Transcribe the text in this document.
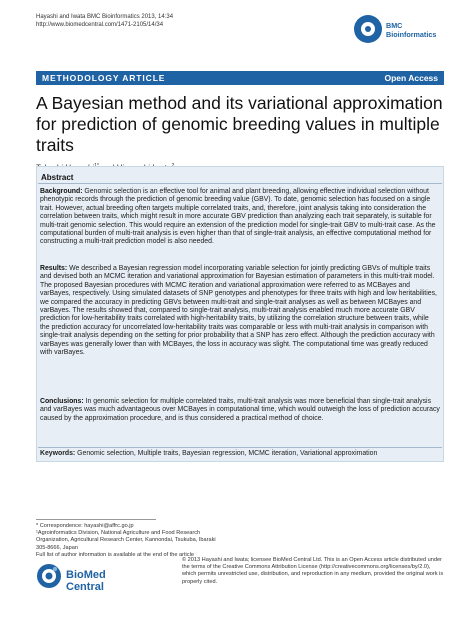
Hayashi and Iwata BMC Bioinformatics 2013, 14:34
http://www.biomedcentral.com/1471-2105/14/34	BMC
Bioinformatics
METHODOLOGY ARTICLE	Open Access
A Bayesian method and its variational approximation for prediction of genomic breeding values in multiple traits
Abstract
Background: Genomic selection is an effective tool for animal and plant breeding, allowing effective individual selection without phenotypic records through the prediction of genomic breeding value (GBV). To date, genomic selection has focused on a single trait. However, actual breeding often targets multiple correlated traits, and, therefore, joint analysis taking into consideration the correlation between traits, which might result in more accurate GBV prediction than analyzing each trait separately, is suitable for multi-trait genomic selection. This would require an extension of the prediction model for single-trait GBV to multi-trait case. As the computational burden of multi-trait analysis is even higher than that of single-trait analysis, an effective computational method for constructing a multi-trait prediction model is also needed.
Results: We described a Bayesian regression model incorporating variable selection for jointly predicting GBVs of multiple traits and devised both an MCMC iteration and variational approximation for Bayesian estimation of parameters in this multi-trait model. The proposed Bayesian procedures with MCMC iteration and variational approximation were referred to as MCBayes and varBayes, respectively. Using simulated datasets of SNP genotypes and phenotypes for three traits with high and low heritabilities, we compared the accuracy in predicting GBVs between multi-trait and single-trait analyses as well as between MCBayes and varBayes. The results showed that, compared to single-trait analysis, multi-trait analysis enabled much more accurate GBV prediction for low-heritability traits correlated with high-heritability traits, by utilizing the correlation structure between traits, while the prediction accuracy for uncorrelated low-heritability traits was comparable or less with multi-trait analysis in comparison with single-trait analysis depending on the setting for prior probability that a SNP has zero effect. Although the prediction accuracy with varBayes was generally lower than with MCBayes, the loss in accuracy was slight. The computational time was greatly reduced with varBayes.
Conclusions: In genomic selection for multiple correlated traits, multi-trait analysis was more beneficial than single-trait analysis and varBayes was much advantageous over MCBayes in computational time, which would outweigh the loss of prediction accuracy caused by the approximation procedure, and is thus considered a practical method of choice.
Keywords: Genomic selection, Multiple traits, Bayesian regression, MCMC iteration, Variational approximation
* Correspondence: hayashi@affrc.go.jp
¹Agroinformatics Division, National Agriculture and Food Research
Organization, Agricultural Research Center, Kannondai, Tsukuba, Ibaraki
305-8666, Japan
Full list of author information is available at the end of the article
BioMed Central
© 2013 Hayashi and Iwata; licensee BioMed Central Ltd. This is an Open Access article distributed under the terms of the Creative Commons Attribution License (http://creativecommons.org/licenses/by/2.0), which permits unrestricted use, distribution, and reproduction in any medium, provided the original work is properly cited.
